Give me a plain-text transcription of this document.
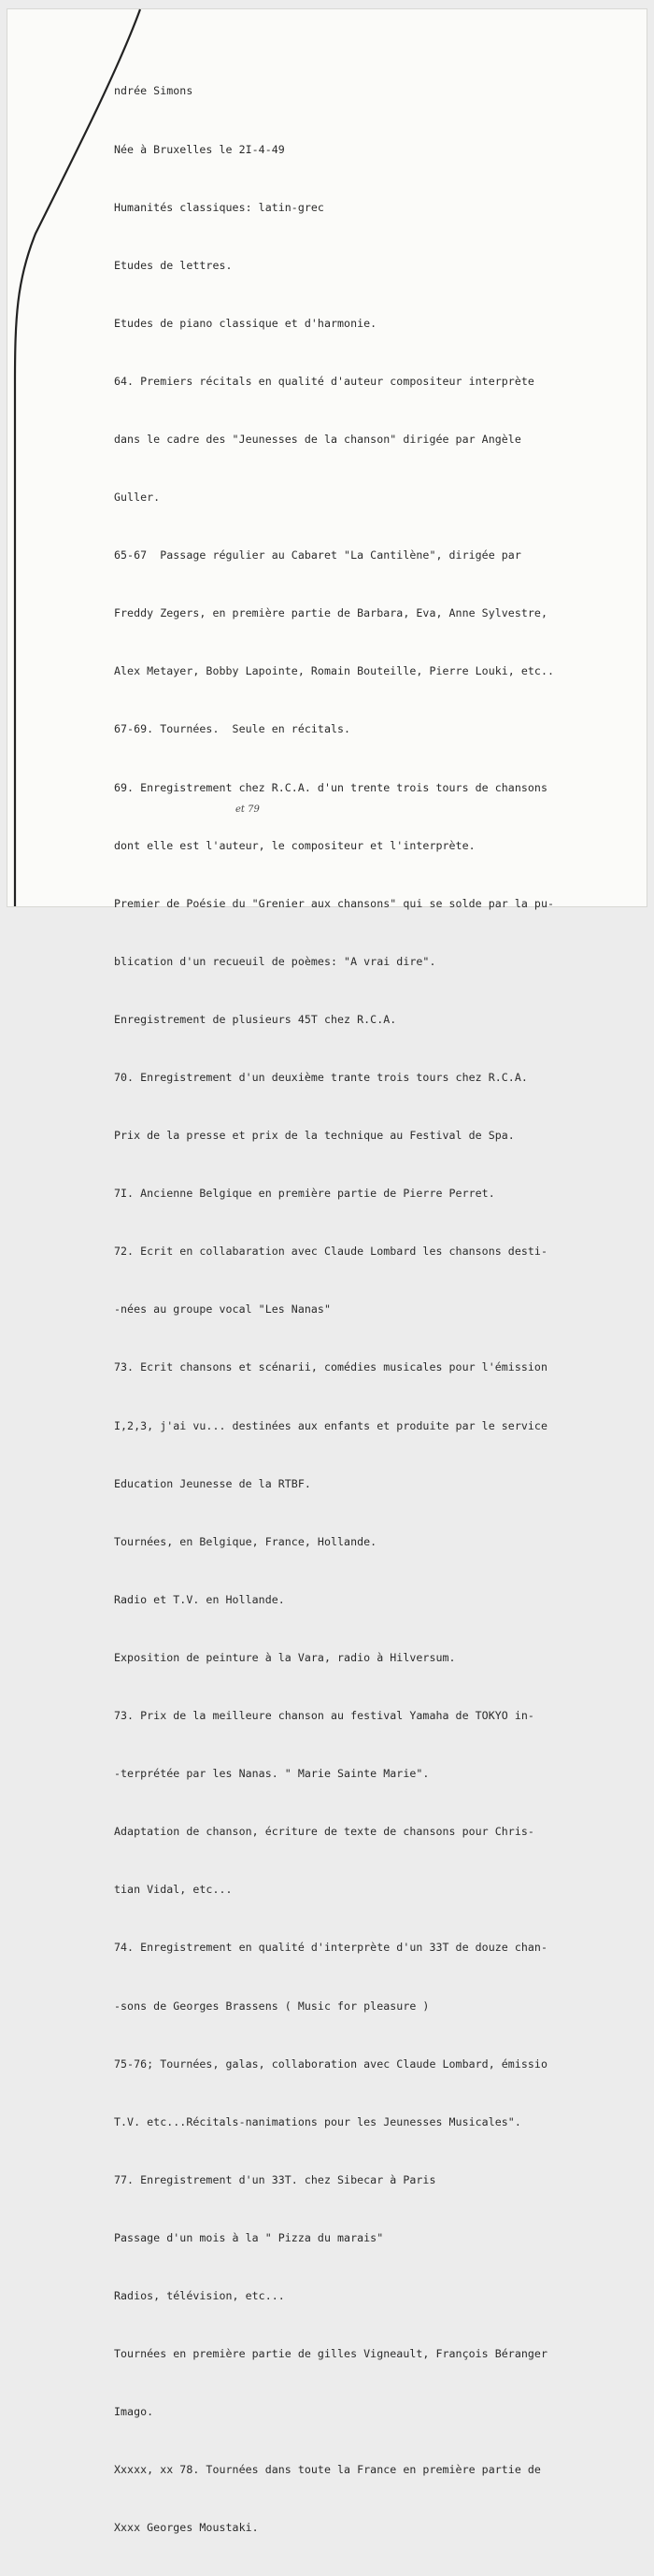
ndrée Simons

Née à Bruxelles le 2I-4-49

Humanités classiques: latin-grec

Etudes de lettres.

Etudes de piano classique et d'harmonie.

64. Premiers récitals en qualité d'auteur compositeur interprète

dans le cadre des "Jeunesses de la chanson" dirigée par Angèle

Guller.

65-67  Passage régulier au Cabaret "La Cantilène", dirigée par

Freddy Zegers, en première partie de Barbara, Eva, Anne Sylvestre,

Alex Metayer, Bobby Lapointe, Romain Bouteille, Pierre Louki, etc..

67-69. Tournées.  Seule en récitals.

69. Enregistrement chez R.C.A. d'un trente trois tours de chansons

dont elle est l'auteur, le compositeur et l'interprète.

Premier de Poésie du "Grenier aux chansons" qui se solde par la pu-

blication d'un recueuil de poèmes: "A vrai dire".

Enregistrement de plusieurs 45T chez R.C.A.

70. Enregistrement d'un deuxième trante trois tours chez R.C.A.

Prix de la presse et prix de la technique au Festival de Spa.

7I. Ancienne Belgique en première partie de Pierre Perret.

72. Ecrit en collabaration avec Claude Lombard les chansons desti-

-nées au groupe vocal "Les Nanas"

73. Ecrit chansons et scénarii, comédies musicales pour l'émission

I,2,3, j'ai vu... destinées aux enfants et produite par le service

Education Jeunesse de la RTBF.

Tournées, en Belgique, France, Hollande.

Radio et T.V. en Hollande.

Exposition de peinture à la Vara, radio à Hilversum.

73. Prix de la meilleure chanson au festival Yamaha de TOKYO in-

-terprétée par les Nanas. " Marie Sainte Marie".

Adaptation de chanson, écriture de texte de chansons pour Chris-

tian Vidal, etc...

74. Enregistrement en qualité d'interprète d'un 33T de douze chan-

-sons de Georges Brassens ( Music for pleasure )

75-76; Tournées, galas, collaboration avec Claude Lombard, émissio

T.V. etc...Récitals-nanimations pour les Jeunesses Musicales".

77. Enregistrement d'un 33T. chez Sibecar à Paris

Passage d'un mois à la " Pizza du marais"

Radios, télévision, etc...

Tournées en première partie de gilles Vigneault, François Béranger

Imago.

Xxxxx, xx 78. Tournées dans toute la France en première partie de

Xxxx Georges Moustaki.

et 79
